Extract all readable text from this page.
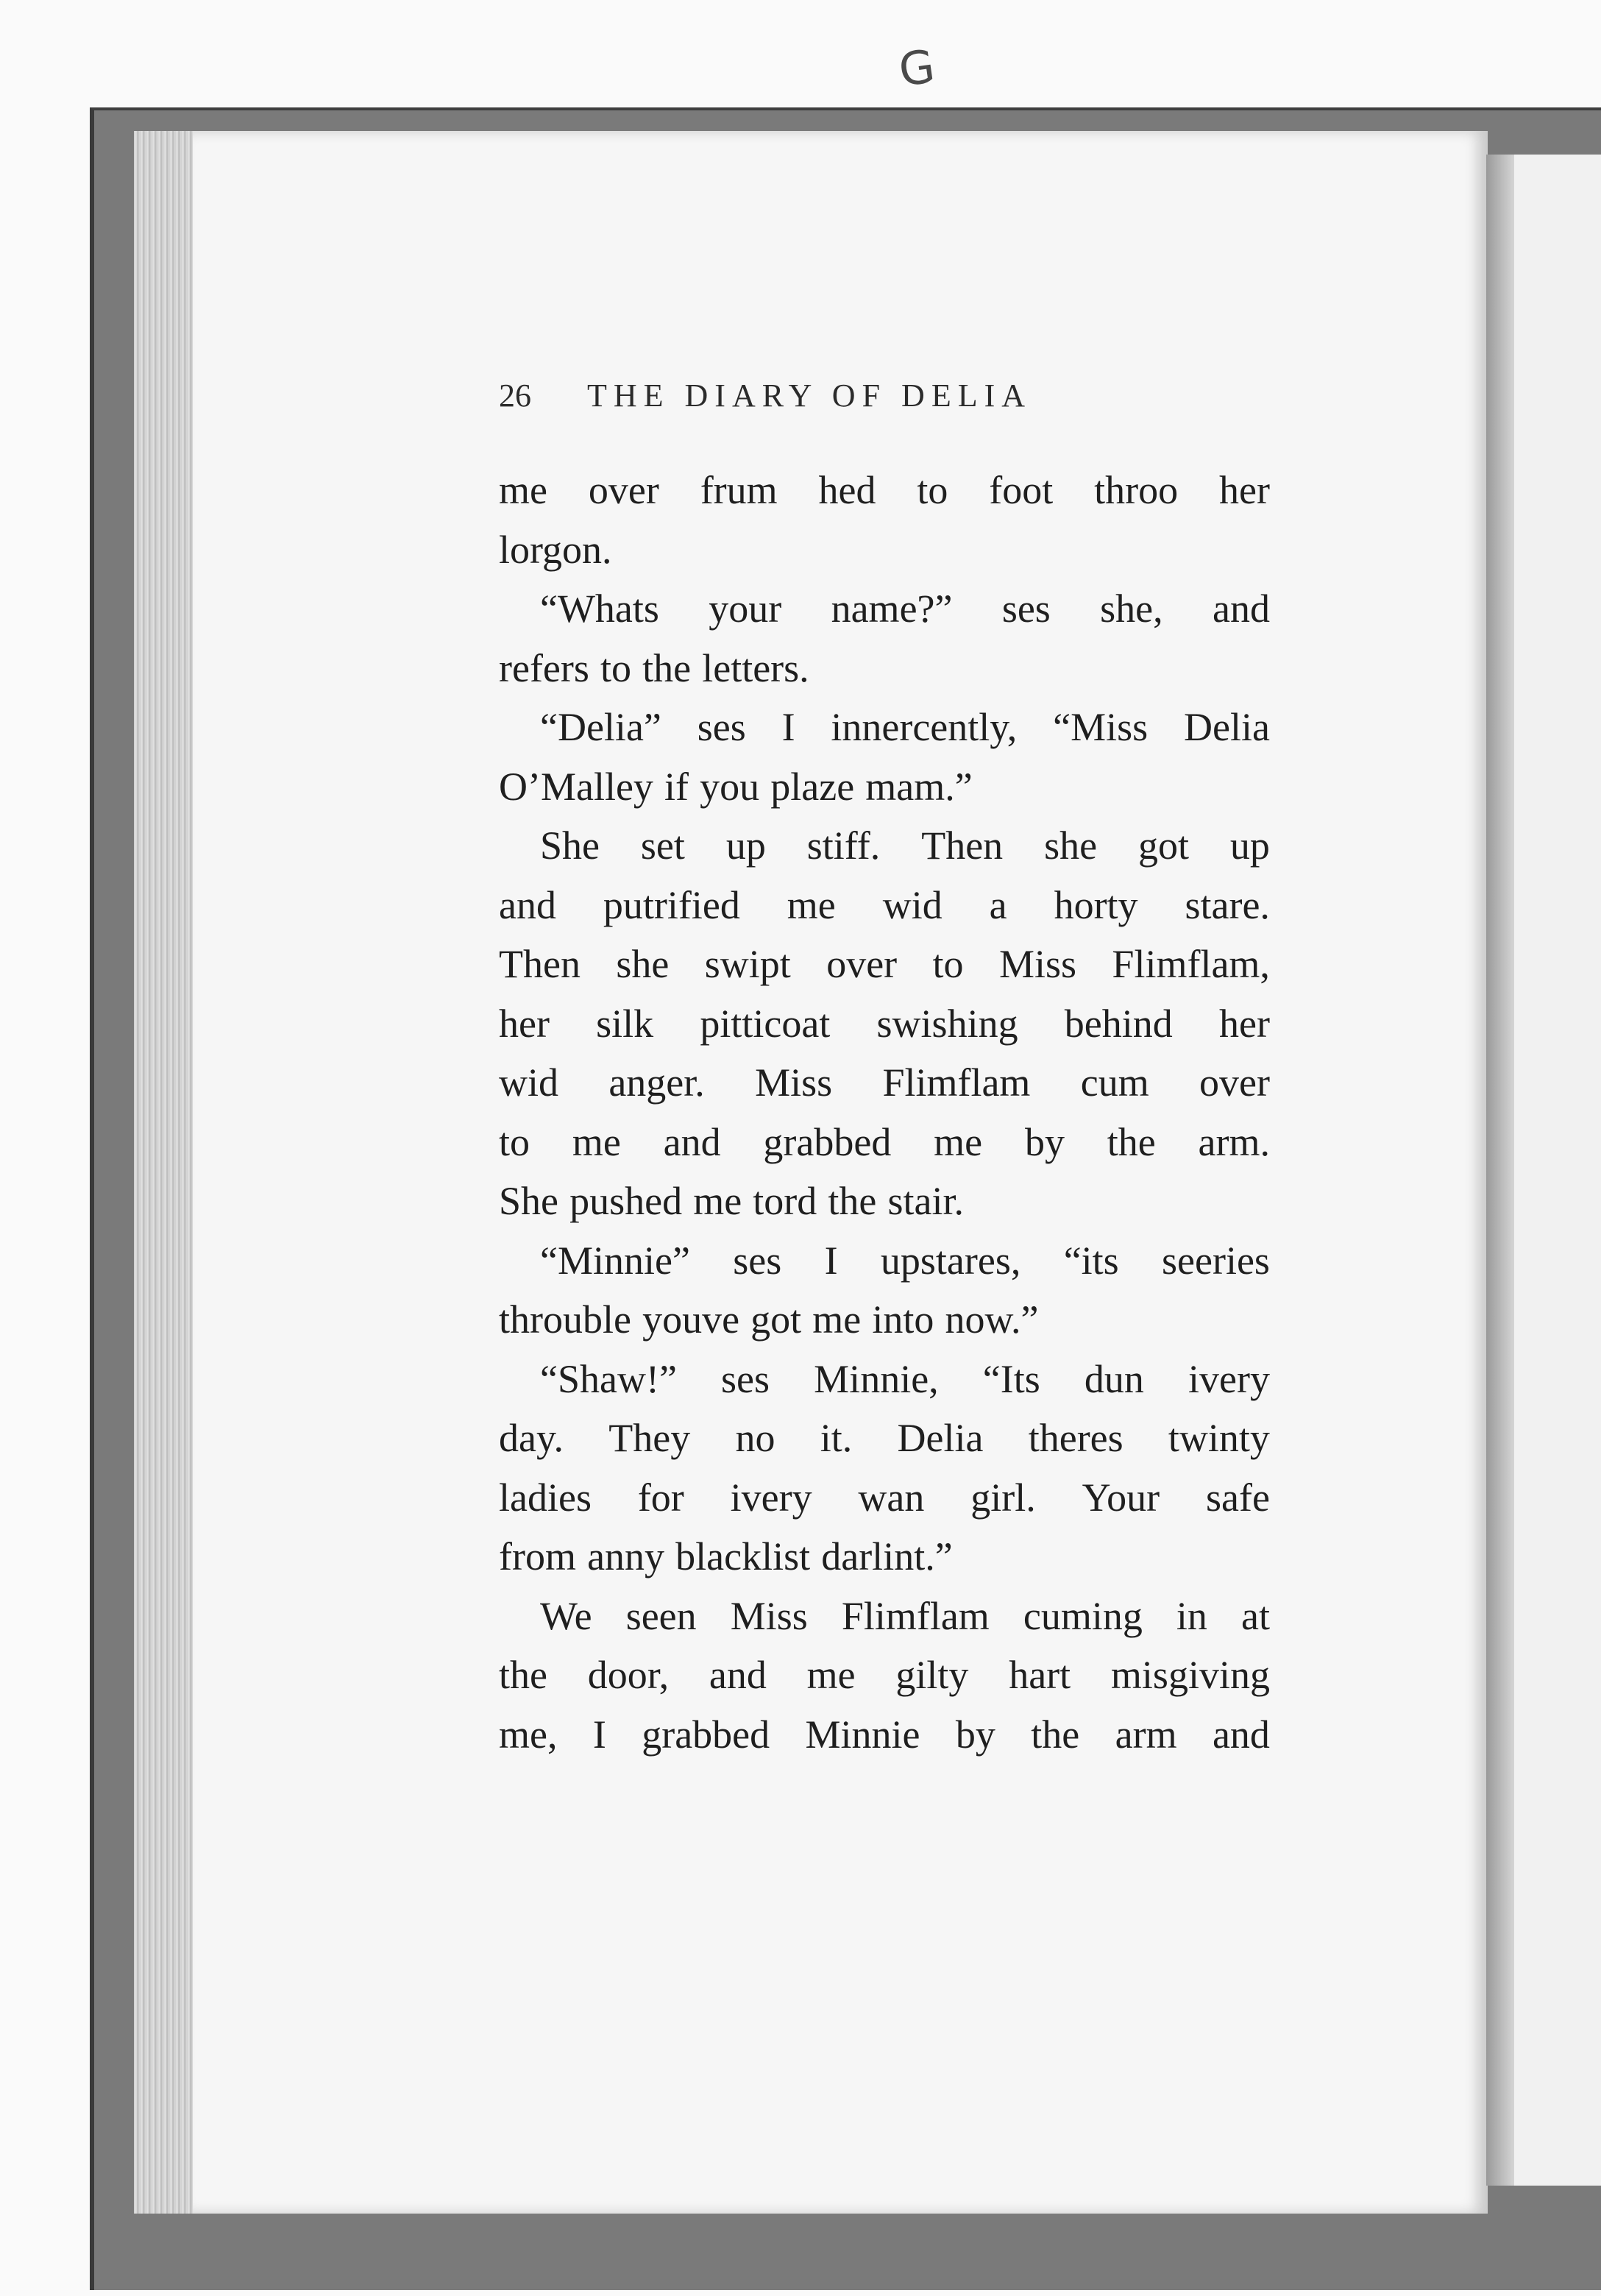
G
26	THE DIARY OF DELIA
me over frum hed to foot throo her
lorgon.
“Whats your name?” ses she, and
refers to the letters.
“Delia” ses I innercently, “Miss Delia
O’Malley if you plaze mam.”
She set up stiff. Then she got up
and putrified me wid a horty stare.
Then she swipt over to Miss Flimflam,
her silk pitticoat swishing behind her
wid anger. Miss Flimflam cum over
to me and grabbed me by the arm.
She pushed me tord the stair.
“Minnie” ses I upstares, “its seeries
throuble youve got me into now.”
“Shaw!” ses Minnie, “Its dun ivery
day. They no it. Delia theres twinty
ladies for ivery wan girl. Your safe
from anny blacklist darlint.”
We seen Miss Flimflam cuming in at
the door, and me gilty hart misgiving
me, I grabbed Minnie by the arm and
